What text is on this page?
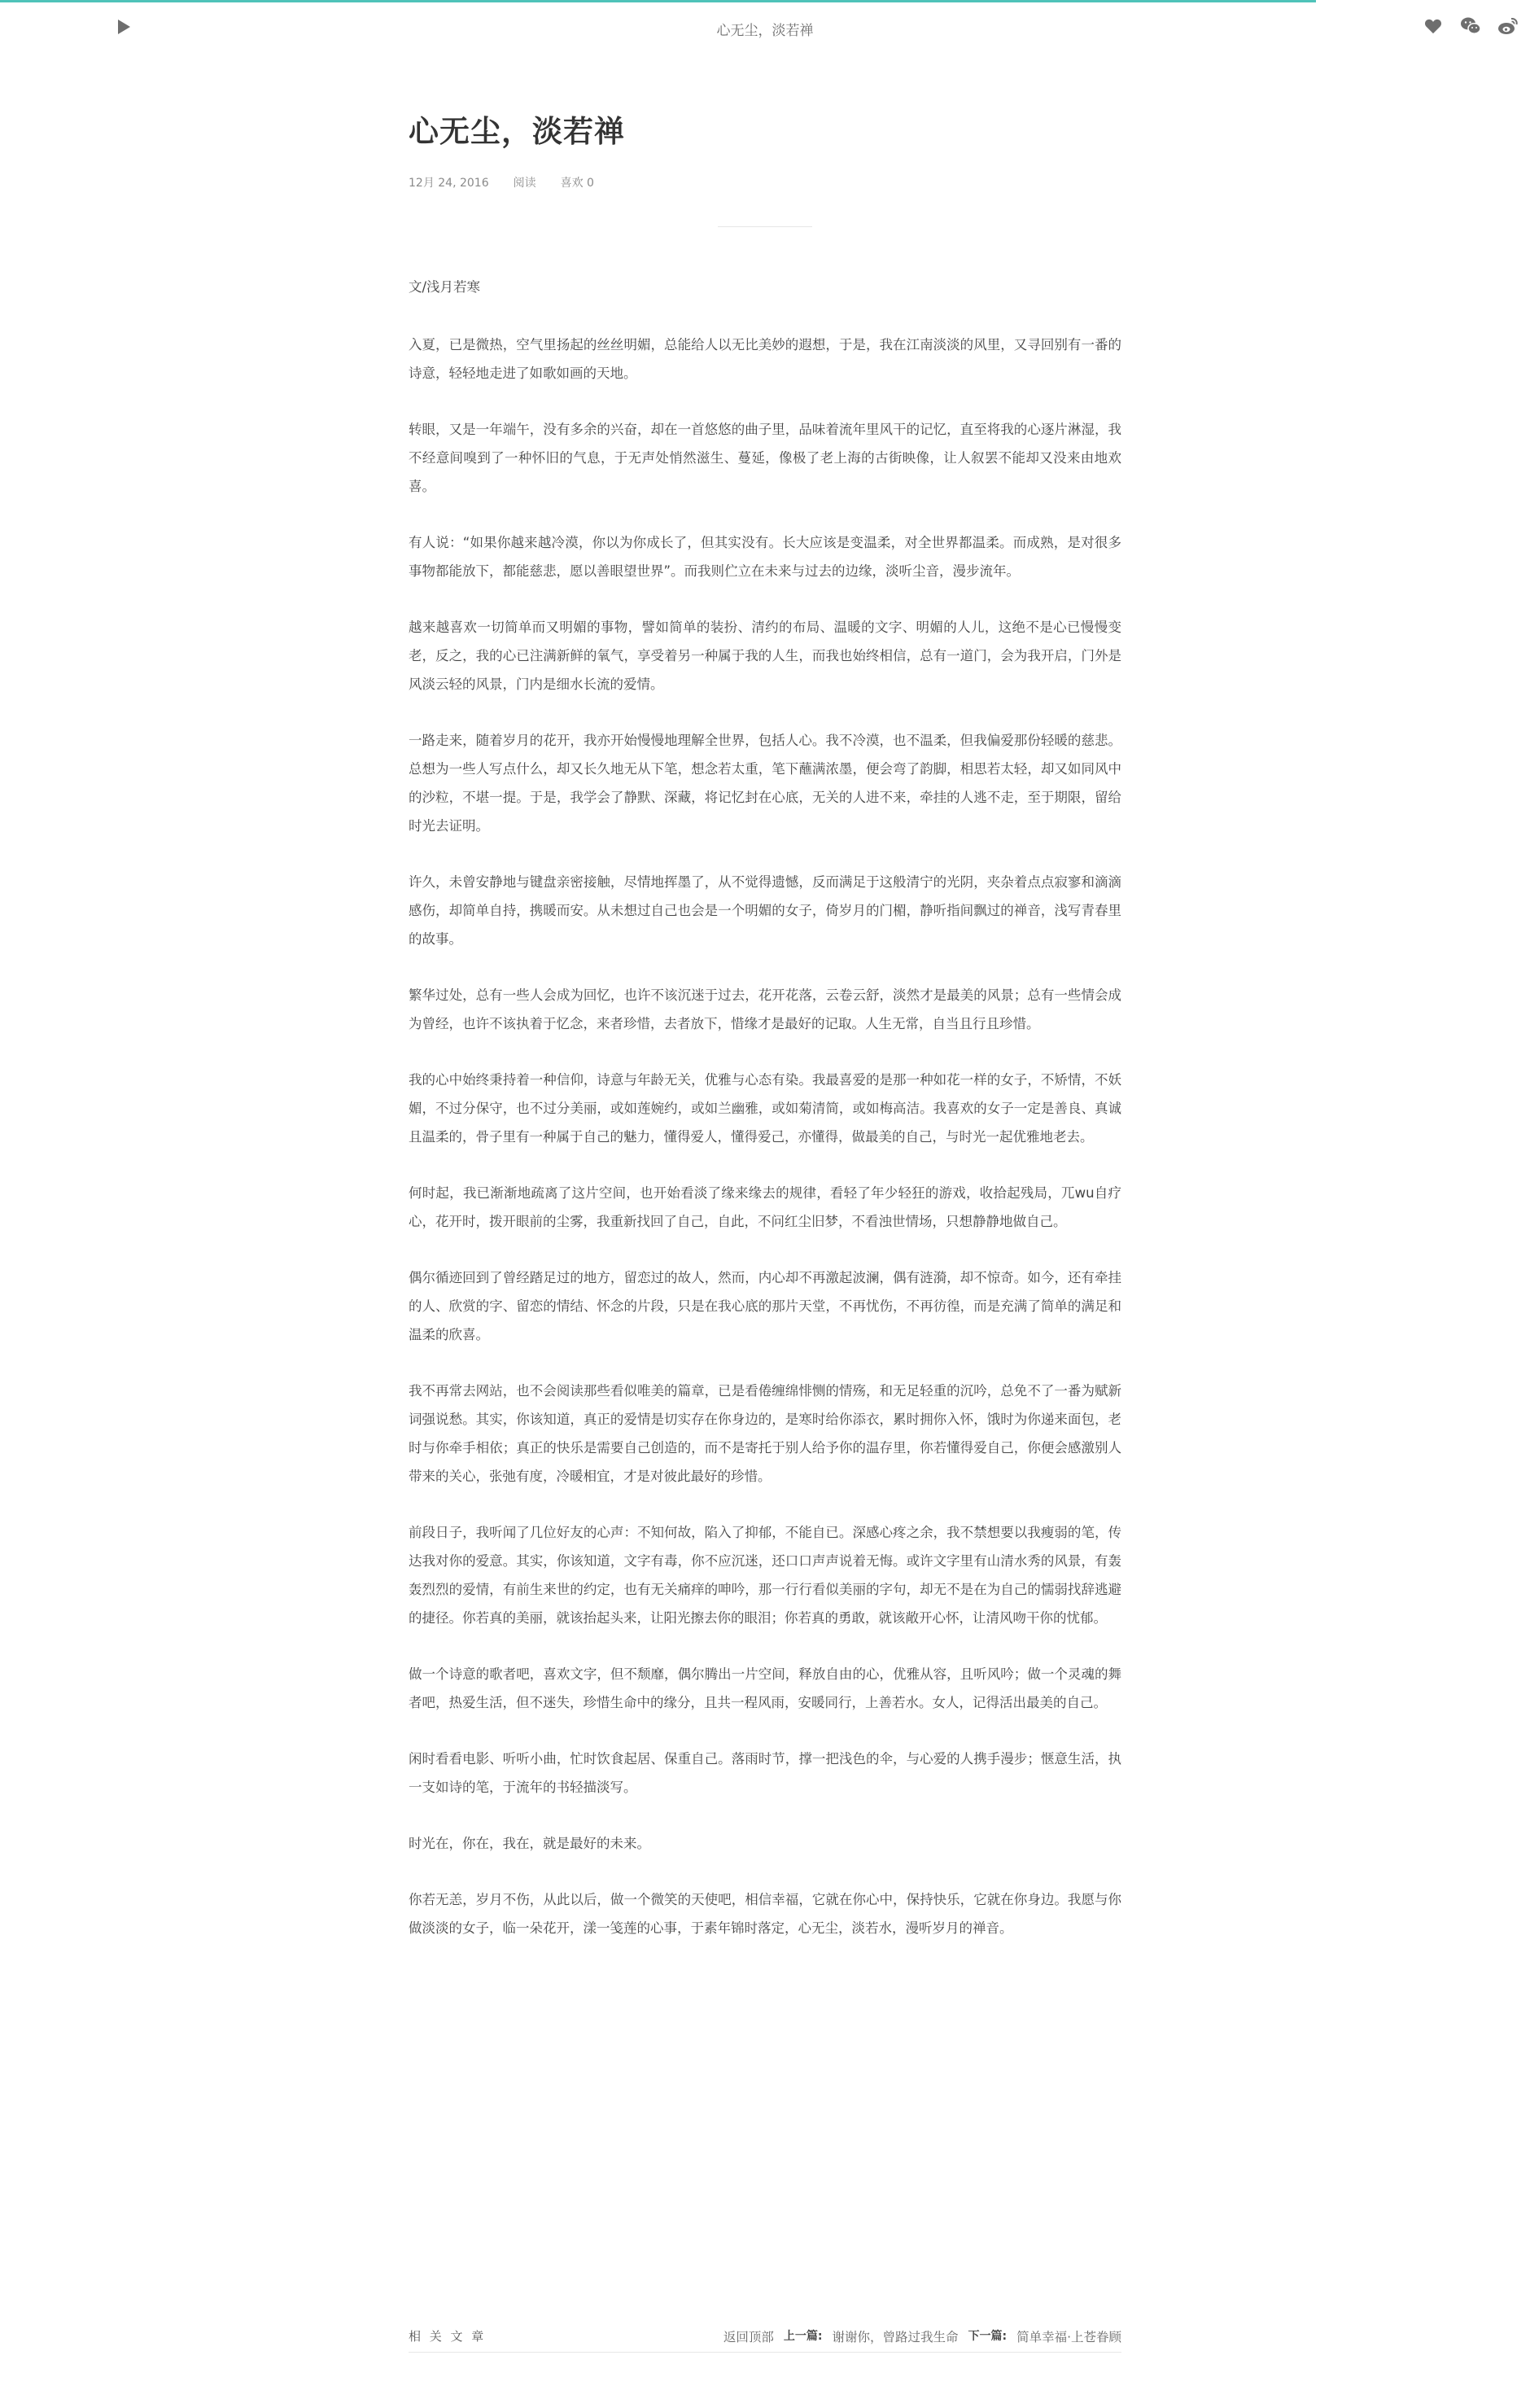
心无尘，淡若禅
心无尘，淡若禅
12月 24, 2016 阅读 喜欢 0

文/浅月若寒

入夏，已是微热，空气里扬起的丝丝明媚，总能给人以无比美妙的遐想，于是，我在江南淡淡的风里，又寻回别有一番的诗意，轻轻地走进了如歌如画的天地。

转眼，又是一年端午，没有多余的兴奋，却在一首悠悠的曲子里，品味着流年里风干的记忆，直至将我的心逐片淋湿，我不经意间嗅到了一种怀旧的气息，于无声处悄然滋生、蔓延，像极了老上海的古街映像，让人叙罢不能却又没来由地欢喜。

有人说：“如果你越来越冷漠，你以为你成长了，但其实没有。长大应该是变温柔，对全世界都温柔。而成熟，是对很多事物都能放下，都能慈悲，愿以善眼望世界”。而我则伫立在未来与过去的边缘，淡听尘音，漫步流年。

越来越喜欢一切简单而又明媚的事物，譬如简单的装扮、清约的布局、温暖的文字、明媚的人儿，这绝不是心已慢慢变老，反之，我的心已注满新鲜的氧气，享受着另一种属于我的人生，而我也始终相信，总有一道门，会为我开启，门外是风淡云轻的风景，门内是细水长流的爱情。

一路走来，随着岁月的花开，我亦开始慢慢地理解全世界，包括人心。我不冷漠，也不温柔，但我偏爱那份轻暖的慈悲。总想为一些人写点什么，却又长久地无从下笔，想念若太重，笔下蘸满浓墨，便会弯了韵脚，相思若太轻，却又如同风中的沙粒，不堪一提。于是，我学会了静默、深藏，将记忆封在心底，无关的人进不来，牵挂的人逃不走，至于期限，留给时光去证明。

许久，未曾安静地与键盘亲密接触，尽情地挥墨了，从不觉得遗憾，反而满足于这般清宁的光阴，夹杂着点点寂寥和滴滴感伤，却简单自持，携暖而安。从未想过自己也会是一个明媚的女子，倚岁月的门楣，静听指间飘过的禅音，浅写青春里的故事。

繁华过处，总有一些人会成为回忆，也许不该沉迷于过去，花开花落，云卷云舒，淡然才是最美的风景；总有一些情会成为曾经，也许不该执着于忆念，来者珍惜，去者放下，惜缘才是最好的记取。人生无常，自当且行且珍惜。

我的心中始终秉持着一种信仰，诗意与年龄无关，优雅与心态有染。我最喜爱的是那一种如花一样的女子，不矫情，不妖媚，不过分保守，也不过分美丽，或如莲婉约，或如兰幽雅，或如菊清简，或如梅高洁。我喜欢的女子一定是善良、真诚且温柔的，骨子里有一种属于自己的魅力，懂得爱人，懂得爱己，亦懂得，做最美的自己，与时光一起优雅地老去。

何时起，我已渐渐地疏离了这片空间，也开始看淡了缘来缘去的规律，看轻了年少轻狂的游戏，收拾起残局，兀wu自疗心，花开时，拨开眼前的尘雾，我重新找回了自己，自此，不问红尘旧梦，不看浊世情场，只想静静地做自己。

偶尔循迹回到了曾经踏足过的地方，留恋过的故人，然而，内心却不再激起波澜，偶有涟漪，却不惊奇。如今，还有牵挂的人、欣赏的字、留恋的情结、怀念的片段，只是在我心底的那片天堂，不再忧伤，不再彷徨，而是充满了简单的满足和温柔的欣喜。

我不再常去网站，也不会阅读那些看似唯美的篇章，已是看倦缠绵悱恻的情殇，和无足轻重的沉吟，总免不了一番为赋新词强说愁。其实，你该知道，真正的爱情是切实存在你身边的，是寒时给你添衣，累时拥你入怀，饿时为你递来面包，老时与你牵手相依；真正的快乐是需要自己创造的，而不是寄托于别人给予你的温存里，你若懂得爱自己，你便会感激别人带来的关心，张弛有度，冷暖相宜，才是对彼此最好的珍惜。

前段日子，我听闻了几位好友的心声：不知何故，陷入了抑郁，不能自已。深感心疼之余，我不禁想要以我瘦弱的笔，传达我对你的爱意。其实，你该知道，文字有毒，你不应沉迷，还口口声声说着无悔。或许文字里有山清水秀的风景，有轰轰烈烈的爱情，有前生来世的约定，也有无关痛痒的呻吟，那一行行看似美丽的字句，却无不是在为自己的懦弱找辞逃避的捷径。你若真的美丽，就该抬起头来，让阳光擦去你的眼泪；你若真的勇敢，就该敞开心怀，让清风吻干你的忧郁。

做一个诗意的歌者吧，喜欢文字，但不颓靡，偶尔腾出一片空间，释放自由的心，优雅从容，且听风吟；做一个灵魂的舞者吧，热爱生活，但不迷失，珍惜生命中的缘分，且共一程风雨，安暖同行，上善若水。女人，记得活出最美的自己。

闲时看看电影、听听小曲，忙时饮食起居、保重自己。落雨时节，撑一把浅色的伞，与心爱的人携手漫步；惬意生活，执一支如诗的笔，于流年的书轻描淡写。

时光在，你在，我在，就是最好的未来。

你若无恙，岁月不伤，从此以后，做一个微笑的天使吧，相信幸福，它就在你心中，保持快乐，它就在你身边。我愿与你做淡淡的女子，临一朵花开，漾一笺莲的心事，于素年锦时落定，心无尘，淡若水，漫听岁月的禅音。

相 关 文 章	返回顶部 上一篇: 谢谢你，曾路过我生命 下一篇: 简单幸福·上苍眷顾
